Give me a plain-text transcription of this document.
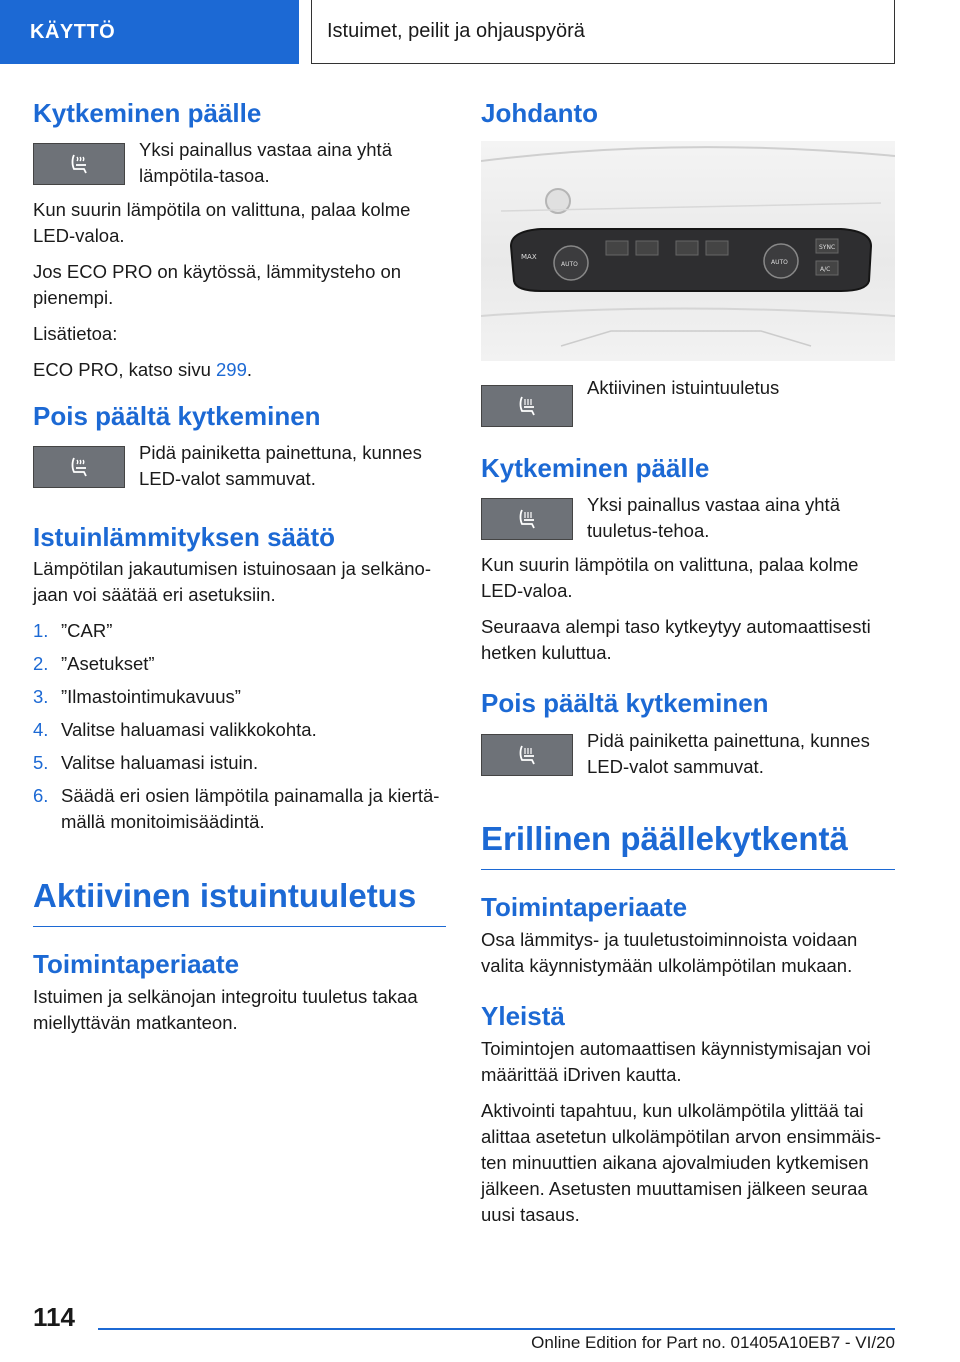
KÄYTTÖ	Istuimet, peilit ja ohjauspyörä
Kytkeminen päälle

Yksi painallus vastaa aina yhtä lämpötila-tasoa.

Kun suurin lämpötila on valittuna, palaa kolme LED-valoa.

Jos ECO PRO on käytössä, lämmitysteho on pienempi.

Lisätietoa:

ECO PRO, katso sivu 299.

Pois päältä kytkeminen

Pidä painiketta painettuna, kunnes LED-valot sammuvat.

Istuinlämmityksen säätö

Lämpötilan jakautumisen istuinosaan ja selkäno-jaan voi säätää eri asetuksiin.

1. ”CAR”
2. ”Asetukset”
3. ”Ilmastointimukavuus”
4. Valitse haluamasi valikkokohta.
5. Valitse haluamasi istuin.
6. Säädä eri osien lämpötila painamalla ja kiertä-mällä monitoimisäädintä.
Aktiivinen istuintuuletus
Toimintaperiaate

Istuimen ja selkänojan integroitu tuuletus takaa miellyttävän matkanteon.

Johdanto
MAX
AUTO	AUTO
SYNC
A/C

Aktiivinen istuintuuletus

Kytkeminen päälle

Yksi painallus vastaa aina yhtä tuuletus-tehoa.

Kun suurin lämpötila on valittuna, palaa kolme LED-valoa.

Seuraava alempi taso kytkeytyy automaattisesti hetken kuluttua.

Pois päältä kytkeminen

Pidä painiketta painettuna, kunnes LED-valot sammuvat.

Erillinen päällekytkentä
Toimintaperiaate

Osa lämmitys- ja tuuletustoiminnoista voidaan valita käynnistymään ulkolämpötilan mukaan.

Yleistä

Toimintojen automaattisen käynnistymisajan voi määrittää iDriven kautta.

Aktivointi tapahtuu, kun ulkolämpötila ylittää tai alittaa asetetun ulkolämpötilan arvon ensimmäis-ten minuuttien aikana ajovalmiuden kytkemisen jälkeen. Asetusten muuttamisen jälkeen seuraa uusi tasaus.

114
Online Edition for Part no. 01405A10EB7 - VI/20
